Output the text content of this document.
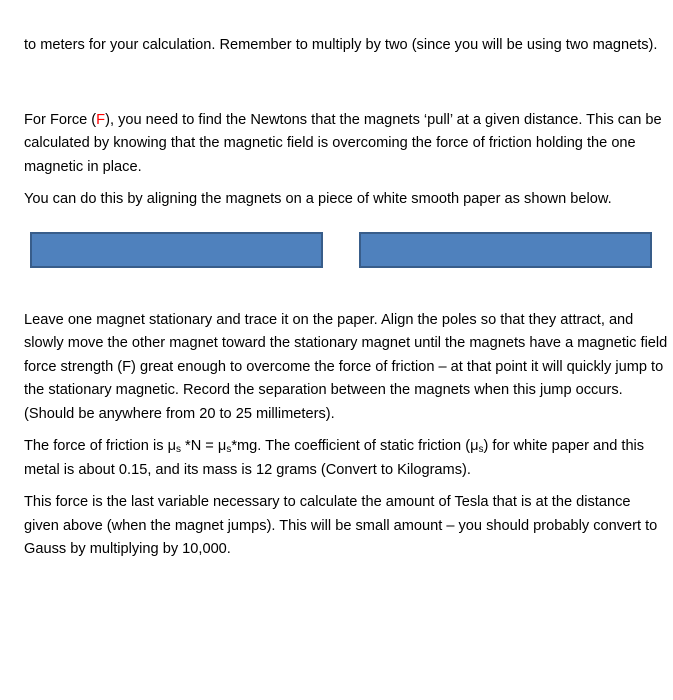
to meters for your calculation. Remember to multiply by two (since you will be using two magnets).

For Force (F), you need to find the Newtons that the magnets ‘pull’ at a given distance. This can be calculated by knowing that the magnetic field is overcoming the force of friction holding the one magnetic in place.

You can do this by aligning the magnets on a piece of white smooth paper as shown below.

Leave one magnet stationary and trace it on the paper. Align the poles so that they attract, and slowly move the other magnet toward the stationary magnet until the magnets have a magnetic field force strength (F) great enough to overcome the force of friction – at that point it will quickly jump to the stationary magnetic. Record the separation between the magnets when this jump occurs. (Should be anywhere from 20 to 25 millimeters).

The force of friction is $\mu_s$ $*N = \mu_s*mg$. The coefficient of static friction $(\mu_s)$ for white paper and this metal is about 0.15, and its mass is 12 grams (Convert to Kilograms).

This force is the last variable necessary to calculate the amount of Tesla that is at the distance given above (when the magnet jumps). This will be small amount – you should probably convert to Gauss by multiplying by 10,000.
